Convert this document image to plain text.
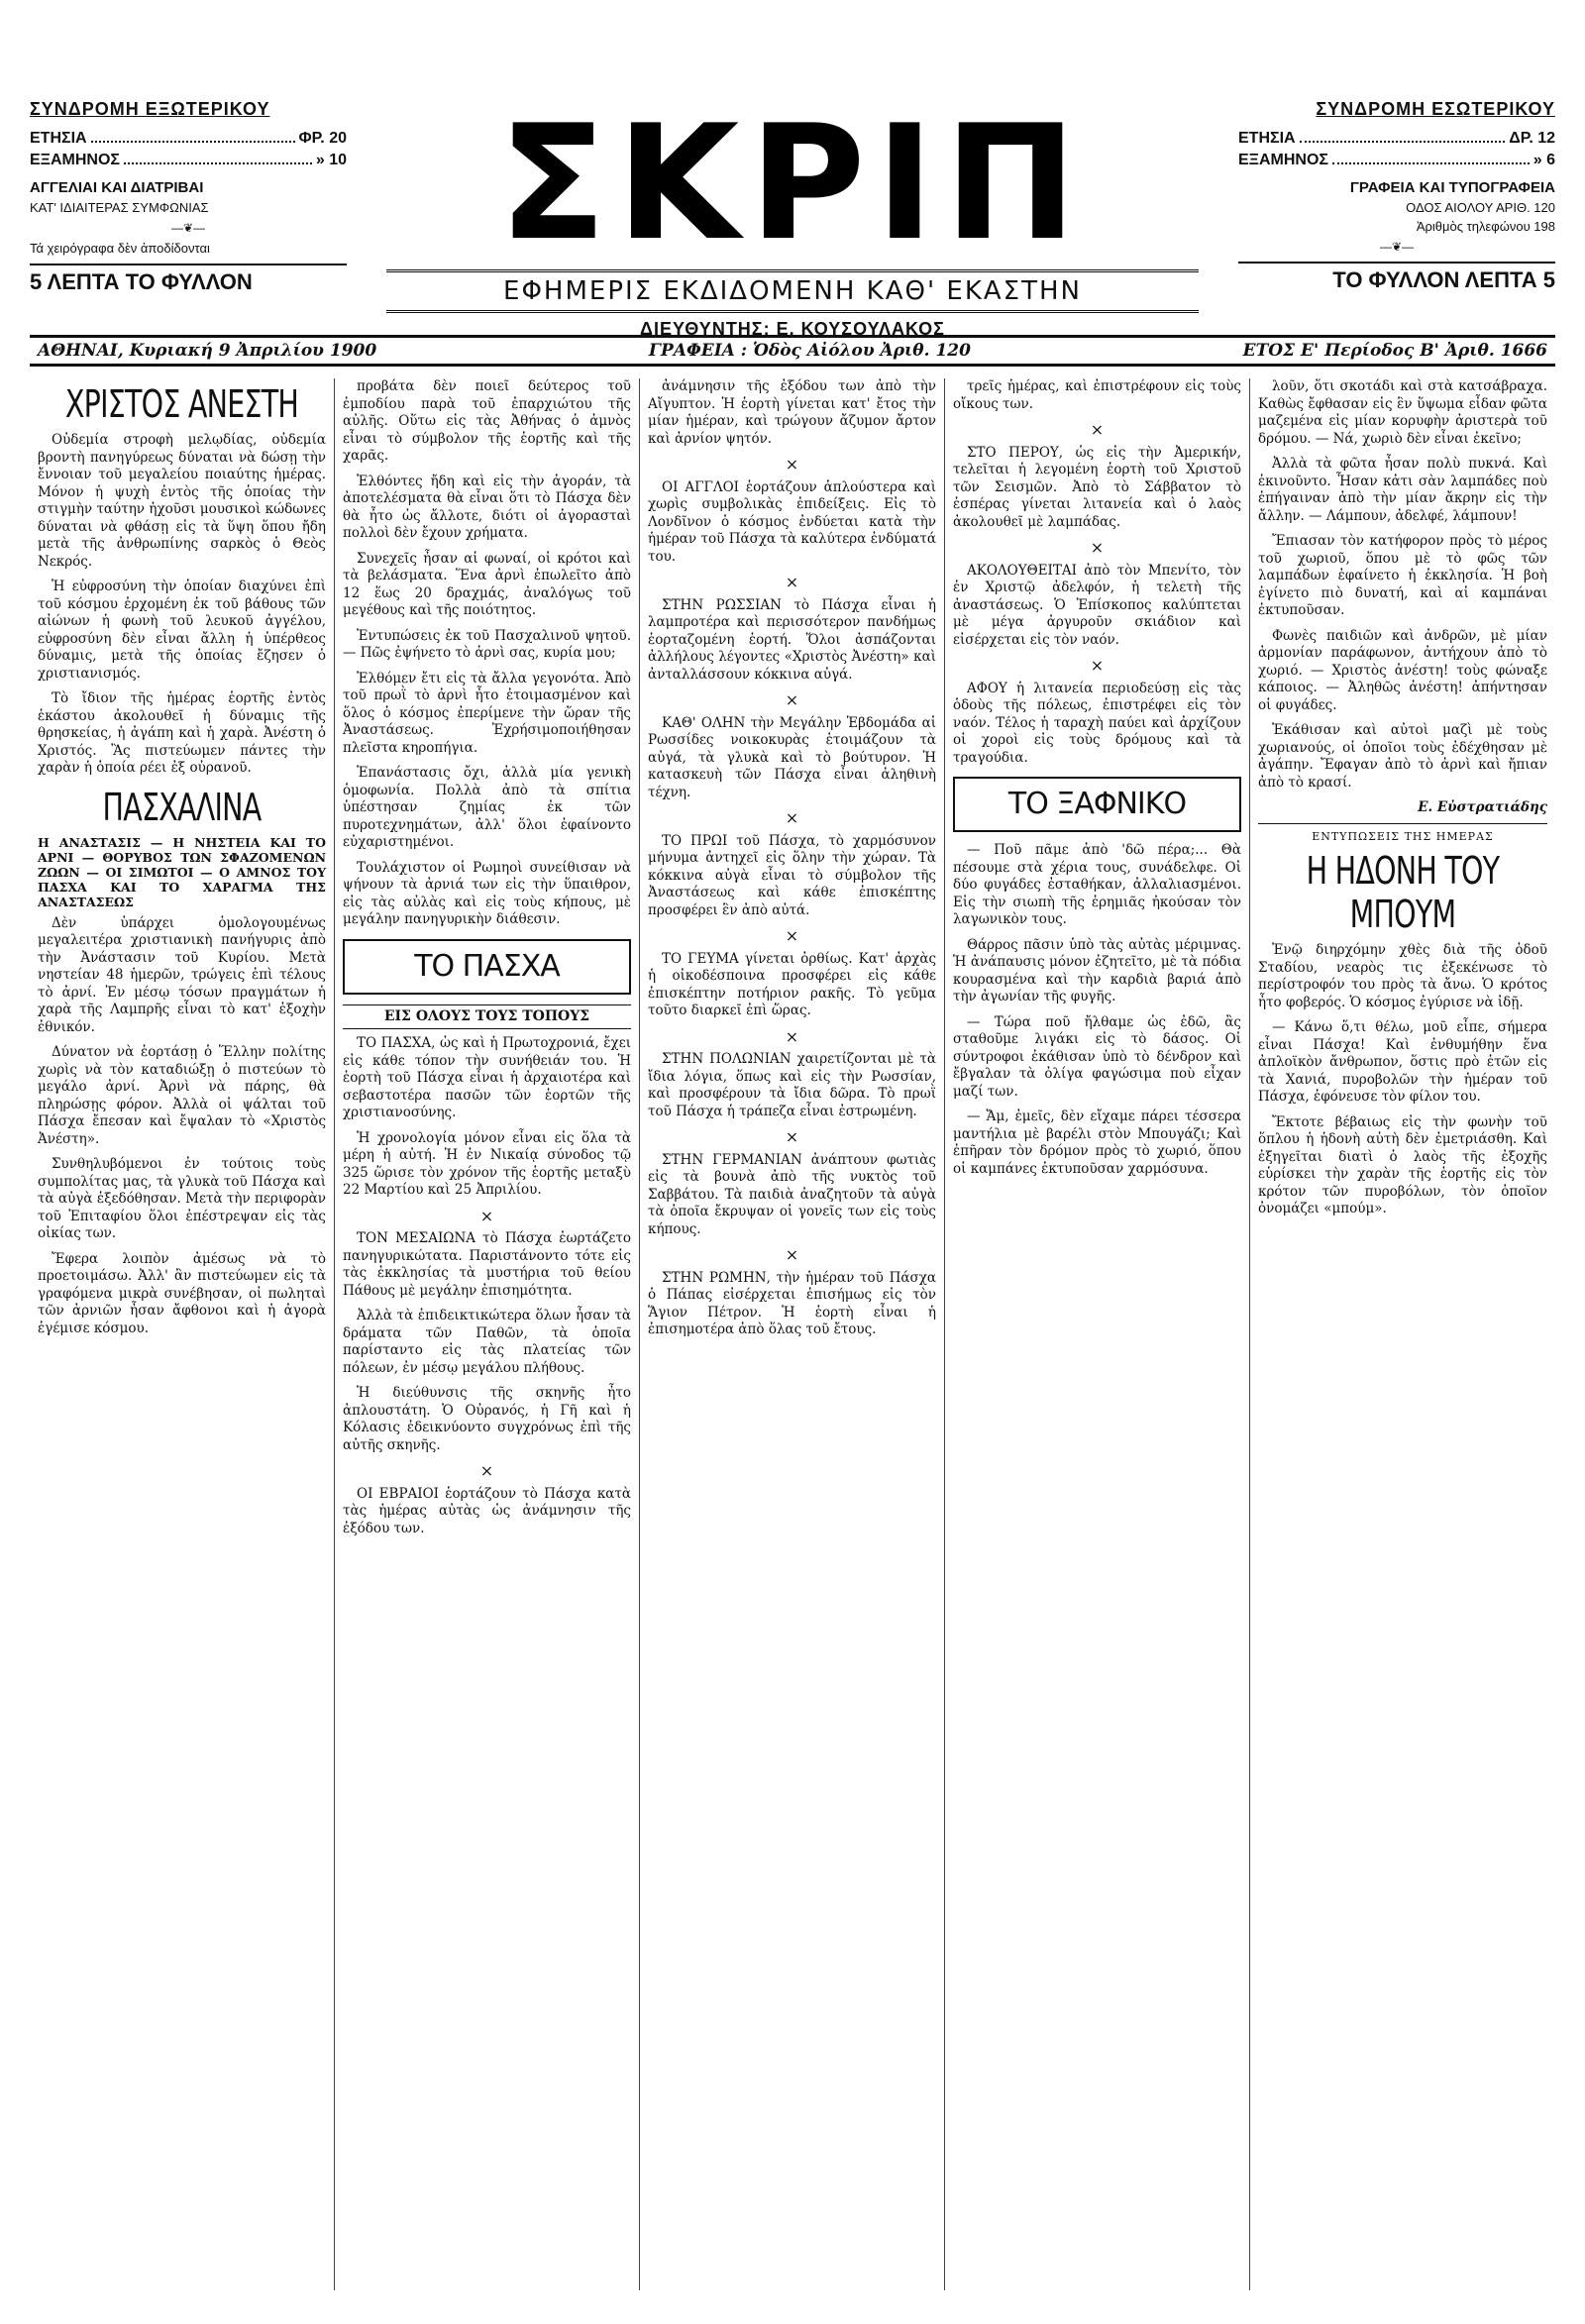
ΣΥΝΔΡΟΜΗ ΕΞΩΤΕΡΙΚΟΥ
ΕΤΗΣΙΑ	ΦΡ. 20
ΕΞΑΜΗΝΟΣ	» 10
ΑΓΓΕΛΙΑΙ ΚΑΙ ΔΙΑΤΡΙΒΑΙ
ΚΑΤ' ΙΔΙΑΙΤΕΡΑΣ ΣΥΜΦΩΝΙΑΣ
—❦—
Τά χειρόγραφα δὲν ἀποδίδονται
5 ΛΕΠΤΑ ΤΟ ΦΥΛΛΟΝ
ΣΚΡΙΠ
ΕΦΗΜΕΡΙΣ ΕΚΔΙΔΟΜΕΝΗ ΚΑΘ' ΕΚΑΣΤΗΝ
ΔΙΕΥΘΥΝΤΗΣ: Ε. ΚΟΥΣΟΥΛΑΚΟΣ
ΣΥΝΔΡΟΜΗ ΕΣΩΤΕΡΙΚΟΥ
ΕΤΗΣΙΑ	ΔΡ. 12
ΕΞΑΜΗΝΟΣ	» 6
ΓΡΑΦΕΙΑ ΚΑΙ ΤΥΠΟΓΡΑΦΕΙΑ
ΟΔΟΣ ΑΙΟΛΟΥ ΑΡΙΘ. 120
Ἀριθμὸς τηλεφώνου 198
—❦—
ΤΟ ΦΥΛΛΟΝ ΛΕΠΤΑ 5
ΑΘΗΝΑΙ, Κυριακή 9 Ἀπριλίου 1900	ΓΡΑΦΕΙΑ : Ὁδὸς Αἰόλου Ἀριθ. 120	ΕΤΟΣ Ε' Περίοδος Β' Ἀριθ. 1666
ΧΡΙΣΤΟΣ ΑΝΕΣΤΗ

Οὐδεμία στροφὴ μελῳδίας, οὐδεμία βροντὴ πανηγύρεως δύναται νὰ δώσῃ τὴν ἔννοιαν τοῦ μεγαλείου ποιαύτης ἡμέρας. Μόνον ἡ ψυχὴ ἐντὸς τῆς ὁποίας τὴν στιγμὴν ταύτην ἠχοῦσι μουσικοὶ κώδωνες δύναται νὰ φθάσῃ εἰς τὰ ὕψη ὅπου ἤδη μετὰ τῆς ἀνθρωπίνης σαρκὸς ὁ Θεὸς Νεκρός.

Ἡ εὐφροσύνη τὴν ὁποίαν διαχύνει ἐπὶ τοῦ κόσμου ἐρχομένη ἐκ τοῦ βάθους τῶν αἰώνων ἡ φωνὴ τοῦ λευκοῦ ἀγγέλου, εὐφροσύνη δὲν εἶναι ἄλλη ἡ ὑπέρθεος δύναμις, μετὰ τῆς ὁποίας ἔζησεν ὁ χριστιανισμός.

Τὸ ἴδιον τῆς ἡμέρας ἑορτῆς ἐντὸς ἑκάστου ἀκολουθεῖ ἡ δύναμις τῆς θρησκείας, ἡ ἀγάπη καὶ ἡ χαρὰ. Ἀνέστη ὁ Χριστός. Ἂς πιστεύωμεν πάντες τὴν χαρὰν ἡ ὁποία ρέει ἐξ οὐρανοῦ.

ΠΑΣΧΑΛΙΝΑ
Η ΑΝΑΣΤΑΣΙΣ — Η ΝΗΣΤΕΙΑ ΚΑΙ ΤΟ ΑΡΝΙ — ΘΟΡΥΒΟΣ ΤΩΝ ΣΦΑΖΟΜΕΝΩΝ ΖΩΩΝ — ΟΙ ΣΙΜΩΤΟΙ — Ο ΑΜΝΟΣ ΤΟΥ ΠΑΣΧΑ ΚΑΙ ΤΟ ΧΑΡΑΓΜΑ ΤΗΣ ΑΝΑΣΤΑΣΕΩΣ

Δὲν ὑπάρχει ὁμολογουμένως μεγαλειτέρα χριστιανικὴ πανήγυρις ἀπὸ τὴν Ἀνάστασιν τοῦ Κυρίου. Μετὰ νηστείαν 48 ἡμερῶν, τρώγεις ἐπὶ τέλους τὸ ἀρνί. Ἐν μέσῳ τόσων πραγμάτων ἡ χαρὰ τῆς Λαμπρῆς εἶναι τὸ κατ' ἐξοχὴν ἐθνικόν.

Δύνατον νὰ ἑορτάσῃ ὁ Ἕλλην πολίτης χωρὶς νὰ τὸν καταδιώξῃ ὁ πιστεύων τὸ μεγάλο ἀρνί. Ἀρνὶ νὰ πάρης, θὰ πληρώσῃς φόρον. Ἀλλὰ οἱ ψάλται τοῦ Πάσχα ἔπεσαν καὶ ἔψαλαν τὸ «Χριστὸς Ἀνέστη».

Συνθηλυβόμενοι ἐν τούτοις τοὺς συμπολίτας μας, τὰ γλυκὰ τοῦ Πάσχα καὶ τὰ αὐγὰ ἐξεδόθησαν. Μετὰ τὴν περιφορὰν τοῦ Ἐπιταφίου ὅλοι ἐπέστρεψαν εἰς τὰς οἰκίας των.

Ἔφερα λοιπὸν ἀμέσως νὰ τὸ προετοιμάσω. Ἀλλ' ἂν πιστεύωμεν εἰς τὰ γραφόμενα μικρὰ συνέβησαν, οἱ πωληταὶ τῶν ἀρνιῶν ἦσαν ἄφθονοι καὶ ἡ ἀγορὰ ἐγέμισε κόσμου.

προβάτα δὲν ποιεῖ δεύτερος τοῦ ἐμποδίου παρὰ τοῦ ἐπαρχιώτου τῆς αὐλῆς. Οὕτω εἰς τὰς Ἀθήνας ὁ ἀμνὸς εἶναι τὸ σύμβολον τῆς ἑορτῆς καὶ τῆς χαρᾶς.

Ἐλθόντες ἤδη καὶ εἰς τὴν ἀγοράν, τὰ ἀποτελέσματα θὰ εἶναι ὅτι τὸ Πάσχα δὲν θὰ ἦτο ὡς ἄλλοτε, διότι οἱ ἀγορασταὶ πολλοὶ δὲν ἔχουν χρήματα.

Συνεχεῖς ἦσαν αἱ φωναί, οἱ κρότοι καὶ τὰ βελάσματα. Ἕνα ἀρνὶ ἐπωλεῖτο ἀπὸ 12 ἕως 20 δραχμάς, ἀναλόγως τοῦ μεγέθους καὶ τῆς ποιότητος.

Ἐντυπώσεις ἐκ τοῦ Πασχαλινοῦ ψητοῦ. — Πῶς ἐψήνετο τὸ ἀρνὶ σας, κυρία μου;

Ἐλθόμεν ἔτι εἰς τὰ ἄλλα γεγονότα. Ἀπὸ τοῦ πρωῒ τὸ ἀρνὶ ἦτο ἐτοιμασμένον καὶ ὅλος ὁ κόσμος ἐπερίμενε τὴν ὥραν τῆς Ἀναστάσεως. Ἐχρήσιμοποιήθησαν πλεῖστα κηροπήγια.

Ἐπανάστασις ὄχι, ἀλλὰ μία γενικὴ ὁμοφωνία. Πολλὰ ἀπὸ τὰ σπίτια ὑπέστησαν ζημίας ἐκ τῶν πυροτεχνημάτων, ἀλλ' ὅλοι ἐφαίνοντο εὐχαριστημένοι.

Τουλάχιστον οἱ Ρωμηοὶ συνείθισαν νὰ ψήνουν τὰ ἀρνιά των εἰς τὴν ὕπαιθρον, εἰς τὰς αὐλὰς καὶ εἰς τοὺς κήπους, μὲ μεγάλην πανηγυρικὴν διάθεσιν.

ΤΟ ΠΑΣΧΑ
ΕΙΣ ΟΛΟΥΣ ΤΟΥΣ ΤΟΠΟΥΣ

ΤΟ ΠΑΣΧΑ, ὡς καὶ ἡ Πρωτοχρονιά, ἔχει εἰς κάθε τόπον τὴν συνήθειάν του. Ἡ ἑορτὴ τοῦ Πάσχα εἶναι ἡ ἀρχαιοτέρα καὶ σεβαστοτέρα πασῶν τῶν ἑορτῶν τῆς χριστιανοσύνης.

Ἡ χρονολογία μόνον εἶναι εἰς ὅλα τὰ μέρη ἡ αὐτή. Ἡ ἐν Νικαίᾳ σύνοδος τῷ 325 ὥρισε τὸν χρόνον τῆς ἑορτῆς μεταξὺ 22 Μαρτίου καὶ 25 Ἀπριλίου.

×

ΤΟΝ ΜΕΣΑΙΩΝΑ τὸ Πάσχα ἐωρτάζετο πανηγυρικώτατα. Παριστάνοντο τότε εἰς τὰς ἐκκλησίας τὰ μυστήρια τοῦ θείου Πάθους μὲ μεγάλην ἐπισημότητα.

Ἀλλὰ τὰ ἐπιδεικτικώτερα ὅλων ἦσαν τὰ δράματα τῶν Παθῶν, τὰ ὁποῖα παρίσταντο εἰς τὰς πλατείας τῶν πόλεων, ἐν μέσῳ μεγάλου πλήθους.

Ἡ διεύθυνσις τῆς σκηνῆς ἦτο ἀπλουστάτη. Ὁ Οὐρανός, ἡ Γῆ καὶ ἡ Κόλασις ἐδεικνύοντο συγχρόνως ἐπὶ τῆς αὐτῆς σκηνῆς.

×

ΟΙ ΕΒΡΑΙΟΙ ἑορτάζουν τὸ Πάσχα κατὰ τὰς ἡμέρας αὐτὰς ὡς ἀνάμνησιν τῆς ἐξόδου των.

ἀνάμνησιν τῆς ἐξόδου των ἀπὸ τὴν Αἴγυπτον. Ἡ ἑορτὴ γίνεται κατ' ἔτος τὴν μίαν ἡμέραν, καὶ τρώγουν ἄζυμον ἄρτον καὶ ἀρνίον ψητόν.

×

ΟΙ ΑΓΓΛΟΙ ἑορτάζουν ἁπλούστερα καὶ χωρὶς συμβολικὰς ἐπιδείξεις. Εἰς τὸ Λονδῖνον ὁ κόσμος ἐνδύεται κατὰ τὴν ἡμέραν τοῦ Πάσχα τὰ καλύτερα ἐνδύματά του.

×

ΣΤΗΝ ΡΩΣΣΙΑΝ τὸ Πάσχα εἶναι ἡ λαμπροτέρα καὶ περισσότερον πανδήμως ἑορταζομένη ἑορτή. Ὅλοι ἀσπάζονται ἀλλήλους λέγοντες «Χριστὸς Ἀνέστη» καὶ ἀνταλλάσσουν κόκκινα αὐγά.

×

ΚΑΘ' ΟΛΗΝ τὴν Μεγάλην Ἑβδομάδα αἱ Ρωσσίδες νοικοκυρὰς ἑτοιμάζουν τὰ αὐγά, τὰ γλυκὰ καὶ τὸ βούτυρον. Ἡ κατασκευὴ τῶν Πάσχα εἶναι ἀληθινὴ τέχνη.

×

ΤΟ ΠΡΩΙ τοῦ Πάσχα, τὸ χαρμόσυνον μήνυμα ἀντηχεῖ εἰς ὅλην τὴν χώραν. Τὰ κόκκινα αὐγὰ εἶναι τὸ σύμβολον τῆς Ἀναστάσεως καὶ κάθε ἐπισκέπτης προσφέρει ἓν ἀπὸ αὐτά.

×

ΤΟ ΓΕΥΜΑ γίνεται ὀρθίως. Κατ' ἀρχὰς ἡ οἰκοδέσποινα προσφέρει εἰς κάθε ἐπισκέπτην ποτήριον ρακῆς. Τὸ γεῦμα τοῦτο διαρκεῖ ἐπὶ ὥρας.

×

ΣΤΗΝ ΠΟΛΩΝΙΑΝ χαιρετίζονται μὲ τὰ ἴδια λόγια, ὅπως καὶ εἰς τὴν Ρωσσίαν, καὶ προσφέρουν τὰ ἴδια δῶρα. Τὸ πρωῒ τοῦ Πάσχα ἡ τράπεζα εἶναι ἐστρωμένη.

×

ΣΤΗΝ ΓΕΡΜΑΝΙΑΝ ἀνάπτουν φωτιὰς εἰς τὰ βουνὰ ἀπὸ τῆς νυκτὸς τοῦ Σαββάτου. Τὰ παιδιὰ ἀναζητοῦν τὰ αὐγὰ τὰ ὁποῖα ἔκρυψαν οἱ γονεῖς των εἰς τοὺς κήπους.

×

ΣΤΗΝ ΡΩΜΗΝ, τὴν ἡμέραν τοῦ Πάσχα ὁ Πάπας εἰσέρχεται ἐπισήμως εἰς τὸν Ἅγιον Πέτρον. Ἡ ἑορτὴ εἶναι ἡ ἐπισημοτέρα ἀπὸ ὅλας τοῦ ἔτους.

τρεῖς ἡμέρας, καὶ ἐπιστρέφουν εἰς τοὺς οἴκους των.

×

ΣΤΟ ΠΕΡΟΥ, ὡς εἰς τὴν Ἀμερικήν, τελεῖται ἡ λεγομένη ἑορτὴ τοῦ Χριστοῦ τῶν Σεισμῶν. Ἀπὸ τὸ Σάββατον τὸ ἑσπέρας γίνεται λιτανεία καὶ ὁ λαὸς ἀκολουθεῖ μὲ λαμπάδας.

×

ΑΚΟΛΟΥΘΕΙΤΑΙ ἀπὸ τὸν Μπενίτο, τὸν ἐν Χριστῷ ἀδελφόν, ἡ τελετὴ τῆς ἀναστάσεως. Ὁ Ἐπίσκοπος καλύπτεται μὲ μέγα ἀργυροῦν σκιάδιον καὶ εἰσέρχεται εἰς τὸν ναόν.

×

ΑΦΟΥ ἡ λιτανεία περιοδεύσῃ εἰς τὰς ὁδοὺς τῆς πόλεως, ἐπιστρέφει εἰς τὸν ναόν. Τέλος ἡ ταραχὴ παύει καὶ ἀρχίζουν οἱ χοροὶ εἰς τοὺς δρόμους καὶ τὰ τραγούδια.

ΤΟ ΞΑΦΝΙΚΟ

— Ποῦ πᾶμε ἀπὸ 'δῶ πέρα;... Θὰ πέσουμε στὰ χέρια τους, συνάδελφε. Οἱ δύο φυγάδες ἐσταθήκαν, ἀλλαλιασμένοι. Εἰς τὴν σιωπὴ τῆς ἐρημιᾶς ἠκούσαν τὸν λαγωνικὸν τους.

Θάρρος πᾶσιν ὑπὸ τὰς αὐτὰς μέριμνας. Ἡ ἀνάπαυσις μόνον ἐζητεῖτο, μὲ τὰ πόδια κουρασμένα καὶ τὴν καρδιὰ βαριά ἀπὸ τὴν ἀγωνίαν τῆς φυγῆς.

— Τώρα ποῦ ἤλθαμε ὡς ἐδῶ, ἂς σταθοῦμε λιγάκι εἰς τὸ δάσος. Οἱ σύντροφοι ἐκάθισαν ὑπὸ τὸ δένδρον καὶ ἔβγαλαν τὰ ὀλίγα φαγώσιμα ποὺ εἶχαν μαζί των.

— Ἄμ, ἐμεῖς, δὲν εἴχαμε πάρει τέσσερα μαντήλια μὲ βαρέλι στὸν Μπουγάζι; Καὶ ἐπῆραν τὸν δρόμον πρὸς τὸ χωριό, ὅπου οἱ καμπάνες ἐκτυποῦσαν χαρμόσυνα.

λοῦν, ὅτι σκοτάδι καὶ στὰ κατσάβραχα. Καθὼς ἔφθασαν εἰς ἓν ὕψωμα εἶδαν φῶτα μαζεμένα εἰς μίαν κορυφὴν ἀριστερὰ τοῦ δρόμου. — Νά, χωριὸ δὲν εἶναι ἐκεῖνο;

Ἀλλὰ τὰ φῶτα ἦσαν πολὺ πυκνά. Καὶ ἐκινοῦντο. Ἦσαν κἀτι σὰν λαμπάδες ποὺ ἐπήγαιναν ἀπὸ τὴν μίαν ἄκρην εἰς τὴν ἄλλην. — Λάμπουν, ἀδελφέ, λάμπουν!

Ἔπιασαν τὸν κατήφορον πρὸς τὸ μέρος τοῦ χωριοῦ, ὅπου μὲ τὸ φῶς τῶν λαμπάδων ἐφαίνετο ἡ ἐκκλησία. Ἡ βοὴ ἐγίνετο πιὸ δυνατή, καὶ αἱ καμπάναι ἐκτυποῦσαν.

Φωνὲς παιδιῶν καὶ ἀνδρῶν, μὲ μίαν ἁρμονίαν παράφωνον, ἀντήχουν ἀπὸ τὸ χωριό. — Χριστὸς ἀνέστη! τοὺς φώναξε κάποιος. — Ἀληθῶς ἀνέστη! ἀπήντησαν οἱ φυγάδες.

Ἐκάθισαν καὶ αὐτοὶ μαζὶ μὲ τοὺς χωριανούς, οἱ ὁποῖοι τοὺς ἐδέχθησαν μὲ ἀγάπην. Ἔφαγαν ἀπὸ τὸ ἀρνὶ καὶ ἤπιαν ἀπὸ τὸ κρασί.

Ε. Εὐστρατιάδης
ΕΝΤΥΠΩΣΕΙΣ ΤΗΣ ΗΜΕΡΑΣ
Η ΗΔΟΝΗ ΤΟΥ ΜΠΟΥΜ

Ἐνῷ διηρχόμην χθὲς διὰ τῆς ὁδοῦ Σταδίου, νεαρὸς τις ἐξεκένωσε τὸ περίστροφόν του πρὸς τὰ ἄνω. Ὁ κρότος ἦτο φοβερός. Ὁ κόσμος ἐγύρισε νὰ ἰδῇ.

— Κάνω ὅ,τι θέλω, μοῦ εἶπε, σήμερα εἶναι Πάσχα! Καὶ ἐνθυμήθην ἕνα ἀπλοϊκὸν ἄνθρωπον, ὅστις πρὸ ἐτῶν εἰς τὰ Χανιά, πυροβολῶν τὴν ἡμέραν τοῦ Πάσχα, ἐφόνευσε τὸν φίλον του.

Ἔκτοτε βέβαιως εἰς τὴν φωνὴν τοῦ ὅπλου ἡ ἡδονὴ αὐτὴ δὲν ἐμετριάσθη. Καὶ ἐξηγεῖται διατὶ ὁ λαὸς τῆς ἐξοχῆς εὑρίσκει τὴν χαρὰν τῆς ἑορτῆς εἰς τὸν κρότον τῶν πυροβόλων, τὸν ὁποῖον ὀνομάζει «μπούμ».
